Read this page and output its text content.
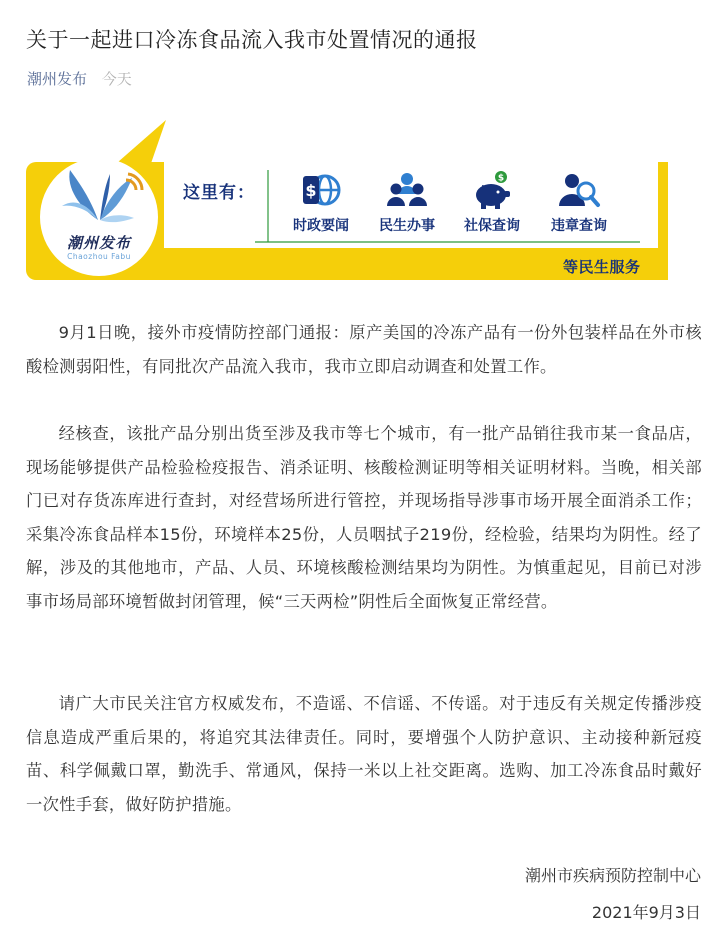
关于一起进口冷冻食品流入我市处置情况的通报
潮州发布 今天
潮州发布
Chaozhou Fabu
这里有：	$
时政要闻	民生办事
$
社保查询	违章查询
等民生服务

9月1日晚，接外市疫情防控部门通报：原产美国的冷冻产品有一份外包装样品在外市核酸检测弱阳性，有同批次产品流入我市，我市立即启动调查和处置工作。

经核查，该批产品分别出货至涉及我市等七个城市，有一批产品销往我市某一食品店，现场能够提供产品检验检疫报告、消杀证明、核酸检测证明等相关证明材料。当晚，相关部门已对存货冻库进行查封，对经营场所进行管控，并现场指导涉事市场开展全面消杀工作；采集冷冻食品样本15份，环境样本25份，人员咽拭子219份，经检验，结果均为阴性。经了解，涉及的其他地市，产品、人员、环境核酸检测结果均为阴性。为慎重起见，目前已对涉事市场局部环境暂做封闭管理，候“三天两检”阴性后全面恢复正常经营。

请广大市民关注官方权威发布，不造谣、不信谣、不传谣。对于违反有关规定传播涉疫信息造成严重后果的，将追究其法律责任。同时，要增强个人防护意识、主动接种新冠疫苗、科学佩戴口罩，勤洗手、常通风，保持一米以上社交距离。选购、加工冷冻食品时戴好一次性手套，做好防护措施。

潮州市疾病预防控制中心
2021年9月3日
